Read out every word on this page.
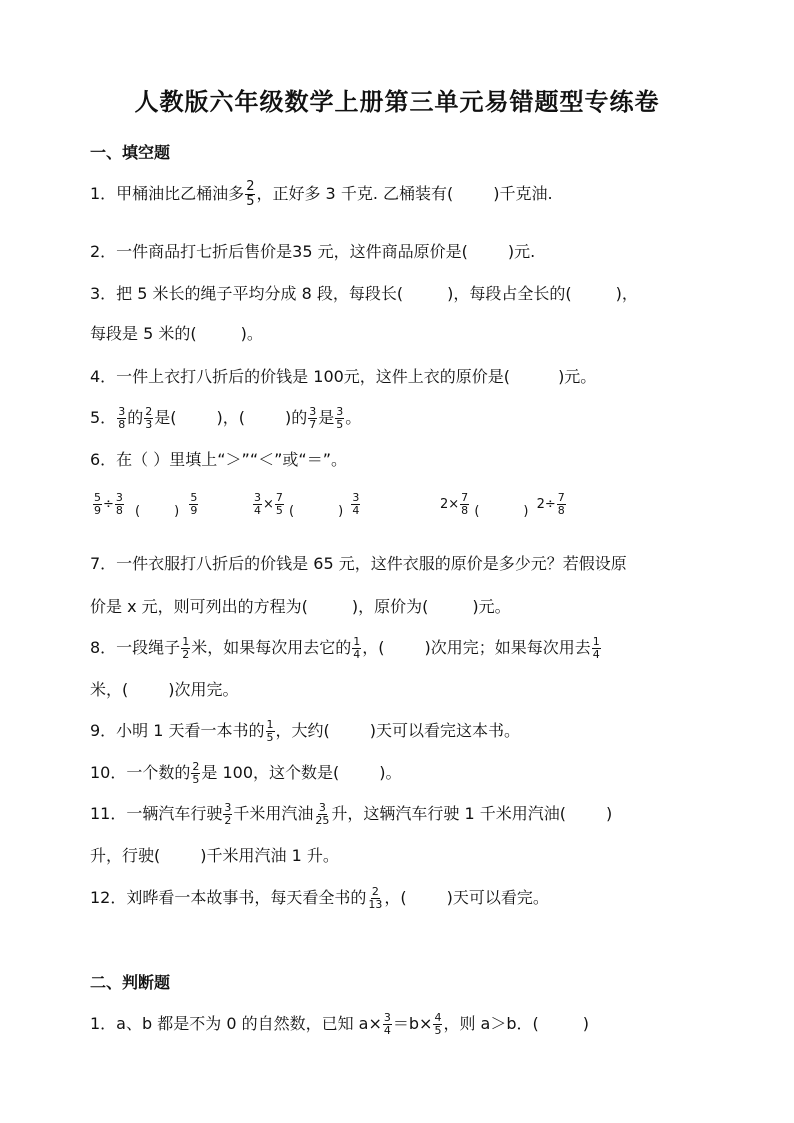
人教版六年级数学上册第三单元易错题型专练卷
一、填空题
1．甲桶油比乙桶油多 $\frac{2}{5}$ ，正好多 3 千克. 乙桶装有(	)千克油.
2．一件商品打七折后售价是35 元，这件商品原价是(	)元.
3．把 5 米长的绳子平均分成 8 段，每段长(	)，每段占全长的(	)，
每段是 5 米的(	)。
4．一件上衣打八折后的价钱是 100元，这件上衣的原价是(	)元。
5． $\frac{3}{8}$ 的 $\frac{2}{3}$ 是(	)，(	)的 $\frac{3}{7}$ 是 $\frac{3}{5}$ 。
6．在（ ）里填上“＞”“＜”或“＝”。
$\frac{5}{9} \div \frac{3}{8}$ (	) $\frac{5}{9}$	$\frac{3}{4} \times \frac{7}{5}$ (	) $\frac{3}{4}$	$2\times \frac{7}{8}$ (	) $2\div \frac{7}{8}$
7．一件衣服打八折后的价钱是 65 元，这件衣服的原价是多少元？若假设原
价是 x 元，则可列出的方程为(	)，原价为(	)元。
8．一段绳子 $\frac{1}{2}$ 米，如果每次用去它的 $\frac{1}{4}$ ，(	)次用完；如果每次用去 $\frac{1}{4}$
米，(	)次用完。
9．小明 1 天看一本书的 $\frac{1}{5}$ ，大约(	)天可以看完这本书。
10．一个数的 $\frac{2}{5}$ 是 100，这个数是(	)。
11．一辆汽车行驶 $\frac{3}{2}$ 千米用汽油 $\frac{3}{25}$ 升，这辆汽车行驶 1 千米用汽油(	)
升，行驶(	)千米用汽油 1 升。
12．刘晔看一本故事书，每天看全书的 $\frac{2}{13}$ ，(	)天可以看完。
二、判断题
1．a、b 都是不为 0 的自然数，已知 $a\times \frac{3}{4} =b\times \frac{4}{5}$ ，则 a＞b．(	)
